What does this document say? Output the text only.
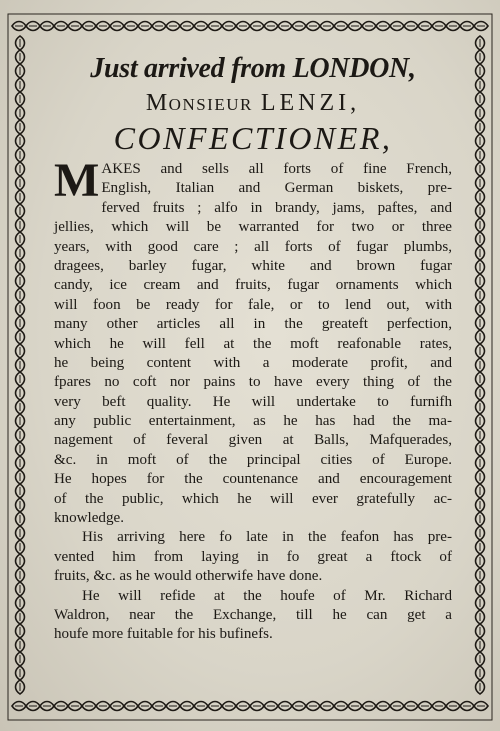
Just arrived from LONDON,
Monsieur LENZI,
CONFECTIONER,
M AKES and sells all forts of fine French,
English, Italian and German biskets, pre-
ferved fruits ; alfo in brandy, jams, paftes, and
jellies, which will be warranted for two or three
years, with good care ; all forts of fugar plumbs,
dragees, barley fugar, white and brown fugar
candy, ice cream and fruits, fugar ornaments which
will foon be ready for fale, or to lend out, with
many other articles all in the greateft perfection,
which he will fell at the moft reafonable rates,
he being content with a moderate profit, and
fpares no coft nor pains to have every thing of the
very beft quality. He will undertake to furnifh
any public entertainment, as he has had the ma-
nagement of feveral given at Balls, Mafquerades,
&c. in moft of the principal cities of Europe.
He hopes for the countenance and encouragement
of the public, which he will ever gratefully ac-
knowledge.
His arriving here fo late in the feafon has pre-
vented him from laying in fo great a ftock of
fruits, &c. as he would otherwife have done.
He will refide at the houfe of Mr. Richard
Waldron, near the Exchange, till he can get a
houfe more fuitable for his bufinefs.
